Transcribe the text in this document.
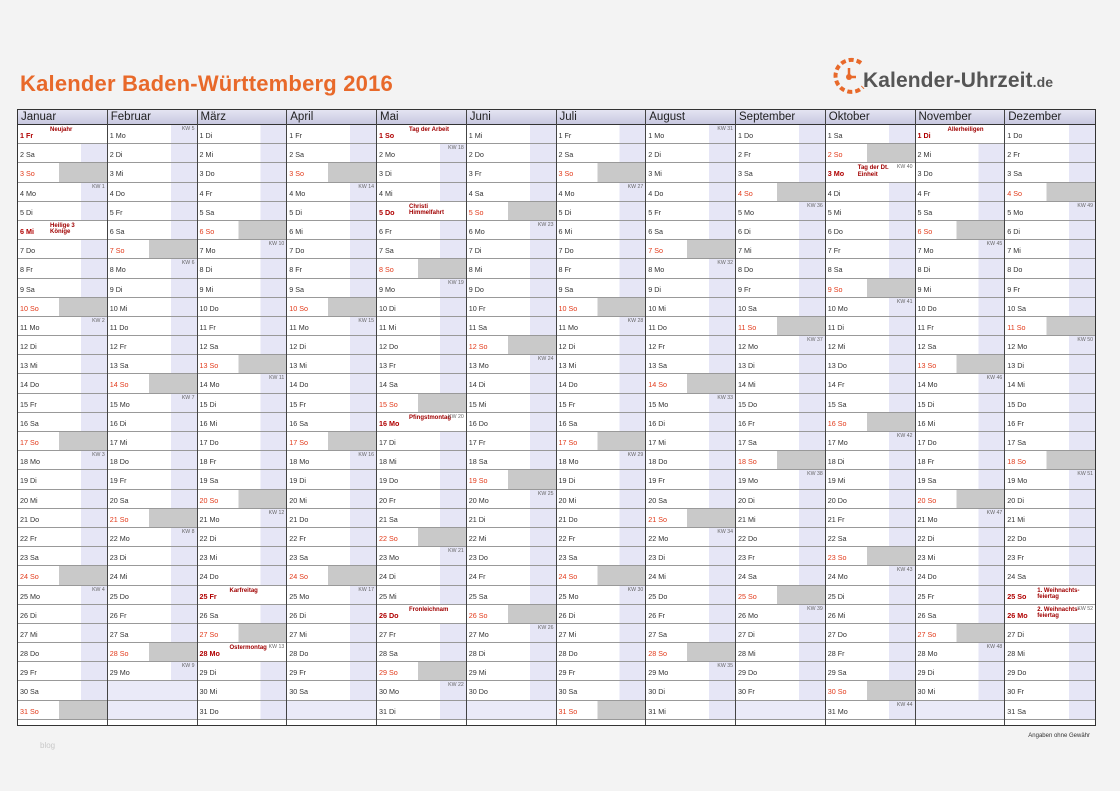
Kalender Baden-Württemberg 2016	Kalender-Uhrzeit.de
Januar
1 Fr
Neujahr
2 Sa
3 So
4 Mo
KW 1
5 Di
6 Mi
Heilige 3
Könige
7 Do
8 Fr
9 Sa
10 So
11 Mo
KW 2
12 Di
13 Mi
14 Do
15 Fr
16 Sa
17 So
18 Mo
KW 3
19 Di
20 Mi
21 Do
22 Fr
23 Sa
24 So
25 Mo
KW 4
26 Di
27 Mi
28 Do
29 Fr
30 Sa
31 So
Februar
1 Mo
KW 5
2 Di
3 Mi
4 Do
5 Fr
6 Sa
7 So
8 Mo
KW 6
9 Di
10 Mi
11 Do
12 Fr
13 Sa
14 So
15 Mo
KW 7
16 Di
17 Mi
18 Do
19 Fr
20 Sa
21 So
22 Mo
KW 8
23 Di
24 Mi
25 Do
26 Fr
27 Sa
28 So
29 Mo
KW 9
März
1 Di
2 Mi
3 Do
4 Fr
5 Sa
6 So
7 Mo
KW 10
8 Di
9 Mi
10 Do
11 Fr
12 Sa
13 So
14 Mo
KW 11
15 Di
16 Mi
17 Do
18 Fr
19 Sa
20 So
21 Mo
KW 12
22 Di
23 Mi
24 Do
25 Fr
Karfreitag
26 Sa
27 So
28 Mo
Ostermontag KW 13
29 Di
30 Mi
31 Do
April
1 Fr
2 Sa
3 So
4 Mo
KW 14
5 Di
6 Mi
7 Do
8 Fr
9 Sa
10 So
11 Mo
KW 15
12 Di
13 Mi
14 Do
15 Fr
16 Sa
17 So
18 Mo
KW 16
19 Di
20 Mi
21 Do
22 Fr
23 Sa
24 So
25 Mo
KW 17
26 Di
27 Mi
28 Do
29 Fr
30 Sa
Mai
1 So
Tag der Arbeit
2 Mo
KW 18
3 Di
4 Mi
5 Do
Christi
Himmelfahrt
6 Fr
7 Sa
8 So
9 Mo
KW 19
10 Di
11 Mi
12 Do
13 Fr
14 Sa
15 So
16 Mo
Pfingstmontag
KW 20
17 Di
18 Mi
19 Do
20 Fr
21 Sa
22 So
23 Mo
KW 21
24 Di
25 Mi
26 Do
Fronleichnam
27 Fr
28 Sa
29 So
30 Mo
KW 22
31 Di
Juni
1 Mi
2 Do
3 Fr
4 Sa
5 So
6 Mo
KW 23
7 Di
8 Mi
9 Do
10 Fr
11 Sa
12 So
13 Mo
KW 24
14 Di
15 Mi
16 Do
17 Fr
18 Sa
19 So
20 Mo
KW 25
21 Di
22 Mi
23 Do
24 Fr
25 Sa
26 So
27 Mo
KW 26
28 Di
29 Mi
30 Do
Juli
1 Fr
2 Sa
3 So
4 Mo
KW 27
5 Di
6 Mi
7 Do
8 Fr
9 Sa
10 So
11 Mo
KW 28
12 Di
13 Mi
14 Do
15 Fr
16 Sa
17 So
18 Mo
KW 29
19 Di
20 Mi
21 Do
22 Fr
23 Sa
24 So
25 Mo
KW 30
26 Di
27 Mi
28 Do
29 Fr
30 Sa
31 So
August
1 Mo
KW 31
2 Di
3 Mi
4 Do
5 Fr
6 Sa
7 So
8 Mo
KW 32
9 Di
10 Mi
11 Do
12 Fr
13 Sa
14 So
15 Mo
KW 33
16 Di
17 Mi
18 Do
19 Fr
20 Sa
21 So
22 Mo
KW 34
23 Di
24 Mi
25 Do
26 Fr
27 Sa
28 So
29 Mo
KW 35
30 Di
31 Mi
September
1 Do
2 Fr
3 Sa
4 So
5 Mo
KW 36
6 Di
7 Mi
8 Do
9 Fr
10 Sa
11 So
12 Mo
KW 37
13 Di
14 Mi
15 Do
16 Fr
17 Sa
18 So
19 Mo
KW 38
20 Di
21 Mi
22 Do
23 Fr
24 Sa
25 So
26 Mo
KW 39
27 Di
28 Mi
29 Do
30 Fr
Oktober
1 Sa
2 So
3 Mo
Tag der Dt.
Einheit
KW 40
4 Di
5 Mi
6 Do
7 Fr
8 Sa
9 So
10 Mo
KW 41
11 Di
12 Mi
13 Do
14 Fr
15 Sa
16 So
17 Mo
KW 42
18 Di
19 Mi
20 Do
21 Fr
22 Sa
23 So
24 Mo
KW 43
25 Di
26 Mi
27 Do
28 Fr
29 Sa
30 So
31 Mo
KW 44
November
1 Di
Allerheiligen
2 Mi
3 Do
4 Fr
5 Sa
6 So
7 Mo
KW 45
8 Di
9 Mi
10 Do
11 Fr
12 Sa
13 So
14 Mo
KW 46
15 Di
16 Mi
17 Do
18 Fr
19 Sa
20 So
21 Mo
KW 47
22 Di
23 Mi
24 Do
25 Fr
26 Sa
27 So
28 Mo
KW 48
29 Di
30 Mi
Dezember
1 Do
2 Fr
3 Sa
4 So
5 Mo
KW 49
6 Di
7 Mi
8 Do
9 Fr
10 Sa
11 So
12 Mo
KW 50
13 Di
14 Mi
15 Do
16 Fr
17 Sa
18 So
19 Mo
KW 51
20 Di
21 Mi
22 Do
23 Fr
24 Sa
25 So
1. Weihnachts-
feiertag
26 Mo
2. Weihnachts-
feiertag
KW 52
27 Di
28 Mi
29 Do
30 Fr
31 Sa
blog
Angaben ohne Gewähr
